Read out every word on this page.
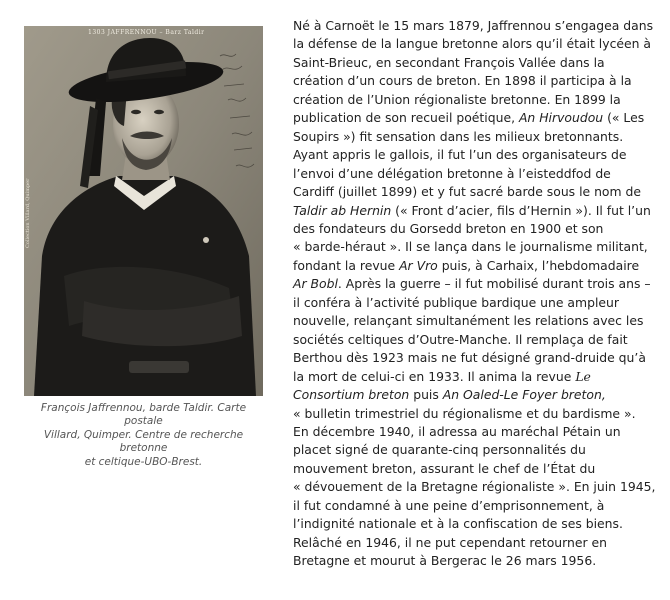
1303 JAFFRENNOU – Barz Taldir
Collection Villard, Quimper
François Jaffrennou, barde Taldir. Carte postale
Villard, Quimper. Centre de recherche bretonne
et celtique-UBO-Brest.
Né à Carnoët le 15 mars 1879, Jaffrennou s’engagea dans
la défense de la langue bretonne alors qu’il était lycéen à
Saint-Brieuc, en secondant François Vallée dans la
création d’un cours de breton. En 1898 il participa à la
création de l’Union régionaliste bretonne. En 1899 la
publication de son recueil poétique, An Hirvoudou (« Les
Soupirs ») fit sensation dans les milieux bretonnants.
Ayant appris le gallois, il fut l’un des organisateurs de
l’envoi d’une délégation bretonne à l’eisteddfod de
Cardiff (juillet 1899) et y fut sacré barde sous le nom de
Taldir ab Hernin (« Front d’acier, fils d’Hernin »). Il fut l’un
des fondateurs du Gorsedd breton en 1900 et son
« barde-héraut ». Il se lança dans le journalisme militant,
fondant la revue Ar Vro puis, à Carhaix, l’hebdomadaire
Ar Bobl. Après la guerre – il fut mobilisé durant trois ans –
il conféra à l’activité publique bardique une ampleur
nouvelle, relançant simultanément les relations avec les
sociétés celtiques d’Outre-Manche. Il remplaça de fait
Berthou dès 1923 mais ne fut désigné grand-druide qu’à
la mort de celui-ci en 1933. Il anima la revue Le
Consortium breton puis An Oaled-Le Foyer breton,
« bulletin trimestriel du régionalisme et du bardisme ».
En décembre 1940, il adressa au maréchal Pétain un
placet signé de quarante-cinq personnalités du
mouvement breton, assurant le chef de l’État du
« dévouement de la Bretagne régionaliste ». En juin 1945,
il fut condamné à une peine d’emprisonnement, à
l’indignité nationale et à la confiscation de ses biens.
Relâché en 1946, il ne put cependant retourner en
Bretagne et mourut à Bergerac le 26 mars 1956.
